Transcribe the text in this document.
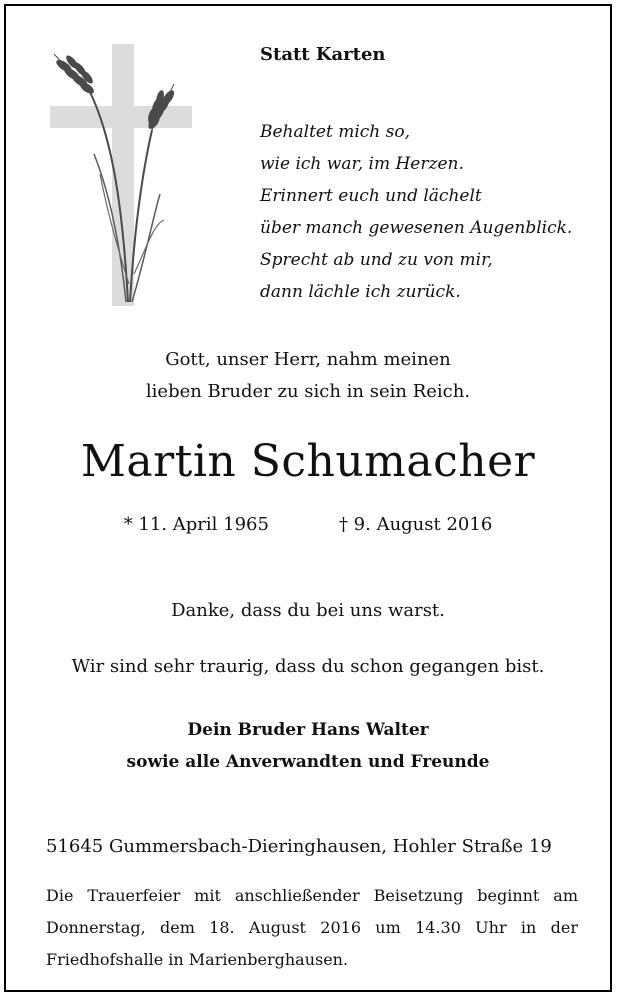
Statt Karten
Behaltet mich so,
wie ich war, im Herzen.
Erinnert euch und lächelt
über manch gewesenen Augenblick.
Sprecht ab und zu von mir,
dann lächle ich zurück.
Gott, unser Herr, nahm meinen
lieben Bruder zu sich in sein Reich.
Martin Schumacher
* 11. April 1965	† 9. August 2016
Danke, dass du bei uns warst.
Wir sind sehr traurig, dass du schon gegangen bist.
Dein Bruder Hans Walter
sowie alle Anverwandten und Freunde
51645 Gummersbach-Dieringhausen, Hohler Straße 19
Die Trauerfeier mit anschließender Beisetzung beginnt am
Donnerstag, dem 18. August 2016 um 14.30 Uhr in der
Friedhofshalle in Marienberghausen.
